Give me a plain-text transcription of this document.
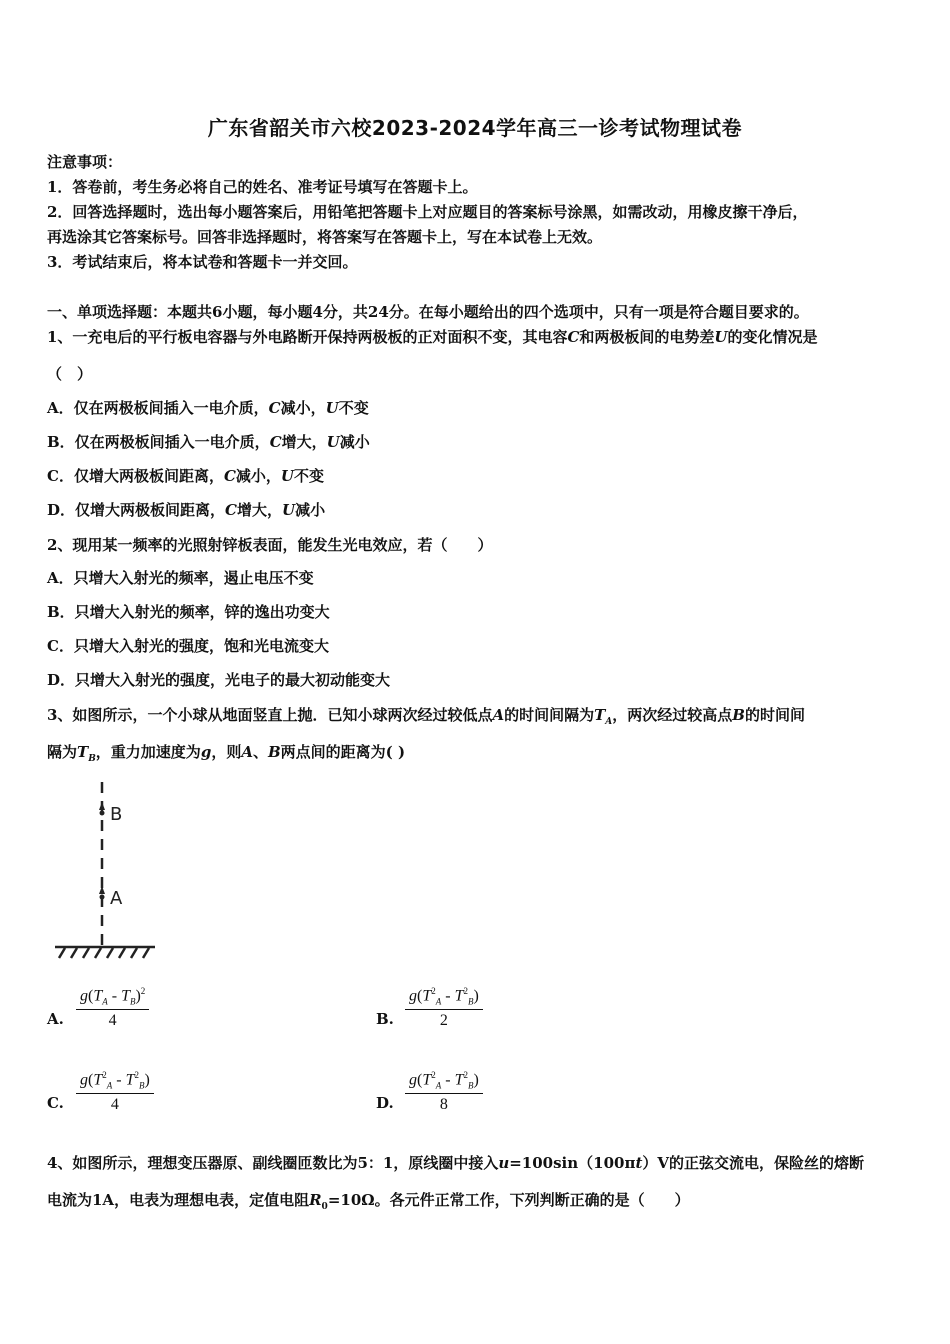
广东省韶关市六校2023-2024学年高三一诊考试物理试卷
注意事项：
1．答卷前，考生务必将自己的姓名、准考证号填写在答题卡上。
2．回答选择题时，选出每小题答案后，用铅笔把答题卡上对应题目的答案标号涂黑，如需改动，用橡皮擦干净后，
再选涂其它答案标号。回答非选择题时，将答案写在答题卡上，写在本试卷上无效。
3．考试结束后，将本试卷和答题卡一并交回。
一、单项选择题：本题共6小题，每小题4分，共24分。在每小题给出的四个选项中，只有一项是符合题目要求的。
1、一充电后的平行板电容器与外电路断开保持两极板的正对面积不变，其电容C和两极板间的电势差U的变化情况是
（　）
A．仅在两极板间插入一电介质，C减小，U不变
B．仅在两极板间插入一电介质，C增大，U减小
C．仅增大两极板间距离，C减小，U不变
D．仅增大两极板间距离，C增大，U减小
2、现用某一频率的光照射锌板表面，能发生光电效应，若（　　）
A．只增大入射光的频率，遏止电压不变
B．只增大入射光的频率，锌的逸出功变大
C．只增大入射光的强度，饱和光电流变大
D．只增大入射光的强度，光电子的最大初动能变大
3、如图所示，一个小球从地面竖直上抛．已知小球两次经过较低点A的时间间隔为$T_A$，两次经过较高点B的时间间
隔为$T_B$，重力加速度为g，则A、B两点间的距离为( )
B
A
A. $\frac{g(T_A - T_B)^2}{4}$	B. $\frac{g(T^2_A - T^2_B)}{2}$
C. $\frac{g(T^2_A - T^2_B)}{4}$	D. $\frac{g(T^2_A - T^2_B)}{8}$
4、如图所示，理想变压器原、副线圈匝数比为5：1，原线圈中接入u=100sin（100πt）V的正弦交流电，保险丝的熔断
电流为1A，电表为理想电表，定值电阻$R_0=10\Omega$。各元件正常工作，下列判断正确的是（　　）
